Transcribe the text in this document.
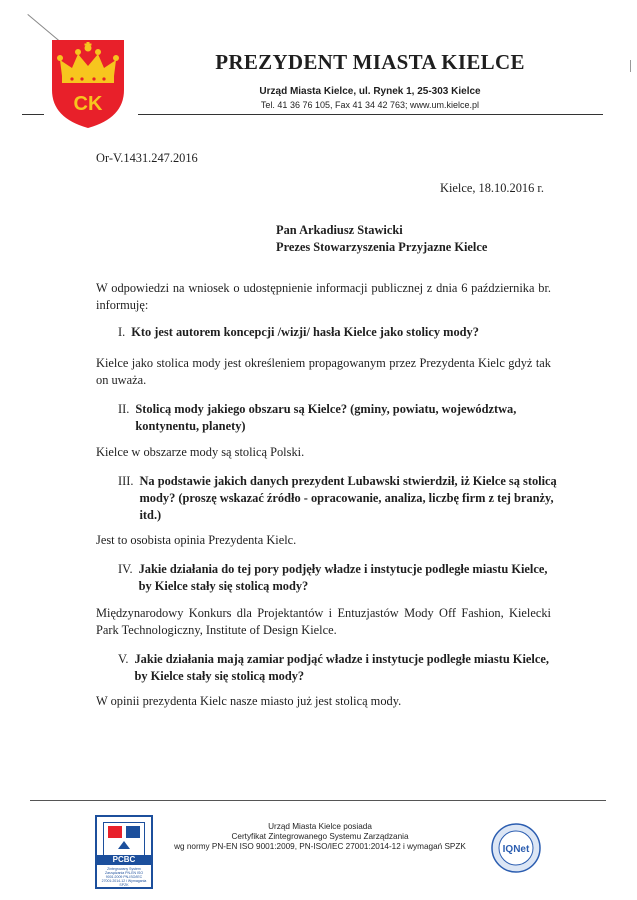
CK
PREZYDENT MIASTA KIELCE
Urząd Miasta Kielce, ul. Rynek 1, 25-303 Kielce
Tel. 41 36 76 105, Fax 41 34 42 763; www.um.kielce.pl
Or-V.1431.247.2016
Kielce, 18.10.2016 r.
Pan Arkadiusz Stawicki
Prezes Stowarzyszenia Przyjazne Kielce
W odpowiedzi na wniosek o udostępnienie informacji publicznej z dnia 6 października br. informuję:
I. Kto jest autorem koncepcji /wizji/ hasła Kielce jako stolicy mody?
Kielce jako stolica mody jest określeniem propagowanym przez Prezydenta Kielc gdyż tak on uważa.
II. Stolicą mody jakiego obszaru są Kielce? (gminy, powiatu, województwa, kontynentu, planety)
Kielce w obszarze mody są stolicą Polski.
III. Na podstawie jakich danych prezydent Lubawski stwierdził, iż Kielce są stolicą mody? (proszę wskazać źródło - opracowanie, analiza, liczbę firm z tej branży, itd.)
Jest to osobista opinia Prezydenta Kielc.
IV. Jakie działania do tej pory podjęły władze i instytucje podległe miastu Kielce, by Kielce stały się stolicą mody?
Międzynarodowy Konkurs dla Projektantów i Entuzjastów Mody Off Fashion, Kielecki Park Technologiczny, Institute of Design Kielce.
V. Jakie działania mają zamiar podjąć władze i instytucje podległe miastu Kielce, by Kielce stały się stolicą mody?
W opinii prezydenta Kielc nasze miasto już jest stolicą mody.
PCBC
Zintegrowany System Zarządzania PN-EN ISO 9001:2009 PN-ISO/IEC 27001:2014-12 i Wymagania SPZK
Urząd Miasta Kielce posiada
Certyfikat Zintegrowanego Systemu Zarządzania
wg normy PN-EN ISO 9001:2009, PN-ISO/IEC 27001:2014-12 i wymagań SPZK	IQNet
